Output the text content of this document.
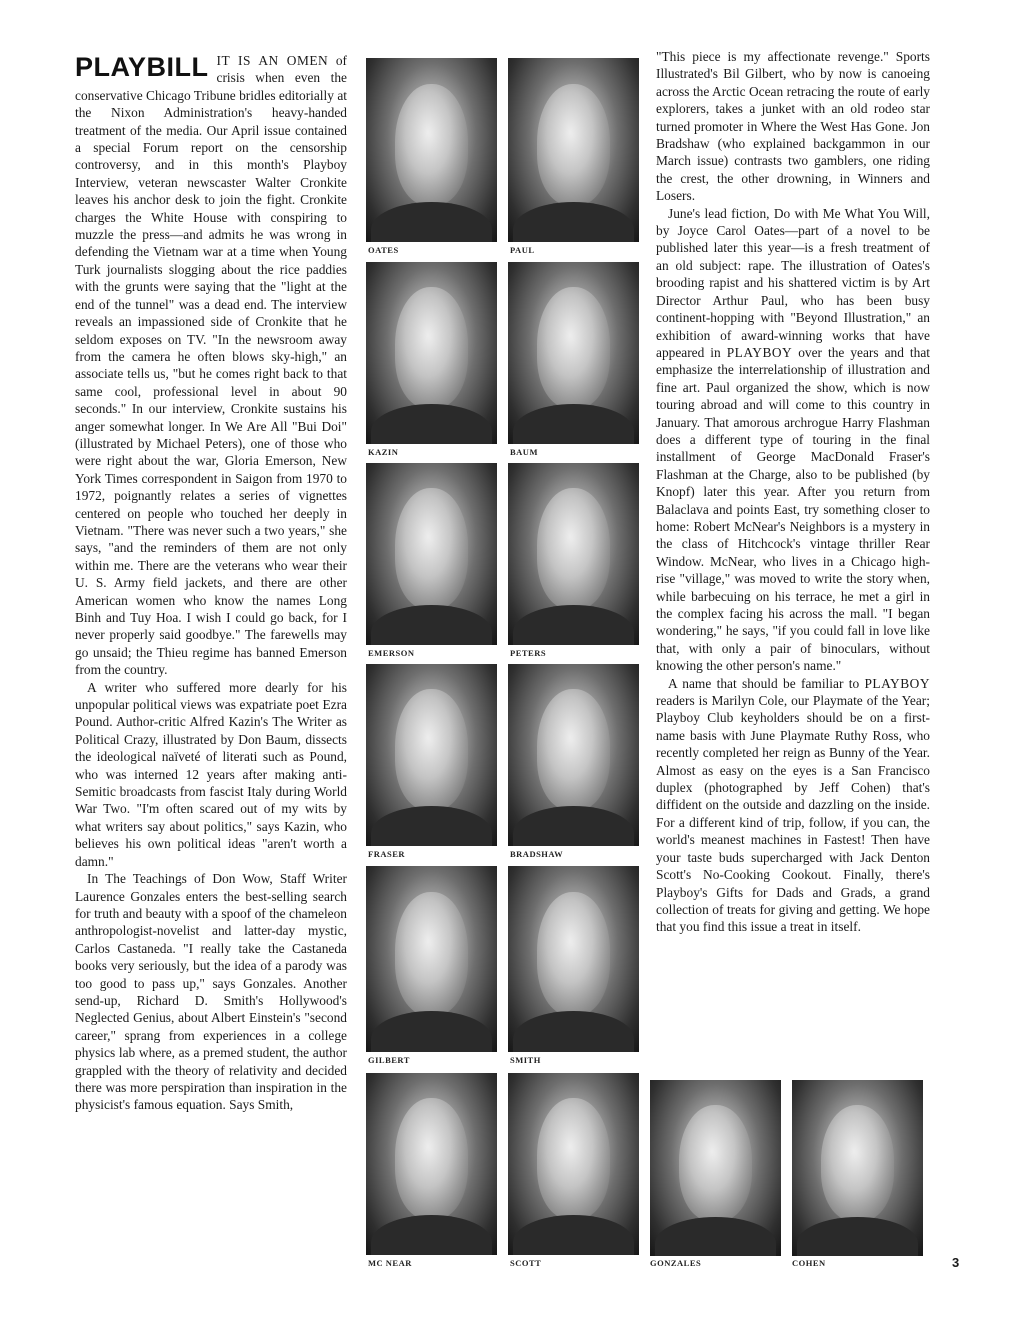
PLAYBILL IT IS AN OMEN of crisis when even the conservative Chicago Tribune bridles editorially at the Nixon Administration's heavy-handed treatment of the media. Our April issue contained a special Forum report on the censorship controversy, and in this month's Playboy Interview, veteran newscaster Walter Cronkite leaves his anchor desk to join the fight. Cronkite charges the White House with conspiring to muzzle the press—and admits he was wrong in defending the Vietnam war at a time when Young Turk journalists slogging about the rice paddies with the grunts were saying that the "light at the end of the tunnel" was a dead end. The interview reveals an impassioned side of Cronkite that he seldom exposes on TV. "In the newsroom away from the camera he often blows sky-high," an associate tells us, "but he comes right back to that same cool, professional level in about 90 seconds." In our interview, Cronkite sustains his anger somewhat longer. In We Are All "Bui Doi" (illustrated by Michael Peters), one of those who were right about the war, Gloria Emerson, New York Times correspondent in Saigon from 1970 to 1972, poignantly relates a series of vignettes centered on people who touched her deeply in Vietnam. "There was never such a two years," she says, "and the reminders of them are not only within me. There are the veterans who wear their U. S. Army field jackets, and there are other American women who know the names Long Binh and Tuy Hoa. I wish I could go back, for I never properly said goodbye." The farewells may go unsaid; the Thieu regime has banned Emerson from the country.

A writer who suffered more dearly for his unpopular political views was expatriate poet Ezra Pound. Author-critic Alfred Kazin's The Writer as Political Crazy, illustrated by Don Baum, dissects the ideological naïveté of literati such as Pound, who was interned 12 years after making anti-Semitic broadcasts from fascist Italy during World War Two. "I'm often scared out of my wits by what writers say about politics," says Kazin, who believes his own political ideas "aren't worth a damn."

In The Teachings of Don Wow, Staff Writer Laurence Gonzales enters the best-selling search for truth and beauty with a spoof of the chameleon anthropologist-novelist and latter-day mystic, Carlos Castaneda. "I really take the Castaneda books very seriously, but the idea of a parody was too good to pass up," says Gonzales. Another send-up, Richard D. Smith's Hollywood's Neglected Genius, about Albert Einstein's "second career," sprang from experiences in a college physics lab where, as a premed student, the author grappled with the theory of relativity and decided there was more perspiration than inspiration in the physicist's famous equation. Says Smith,

"This piece is my affectionate revenge." Sports Illustrated's Bil Gilbert, who by now is canoeing across the Arctic Ocean retracing the route of early explorers, takes a junket with an old rodeo star turned promoter in Where the West Has Gone. Jon Bradshaw (who explained backgammon in our March issue) contrasts two gamblers, one riding the crest, the other drowning, in Winners and Losers.

June's lead fiction, Do with Me What You Will, by Joyce Carol Oates—part of a novel to be published later this year—is a fresh treatment of an old subject: rape. The illustration of Oates's brooding rapist and his shattered victim is by Art Director Arthur Paul, who has been busy continent-hopping with "Beyond Illustration," an exhibition of award-winning works that have appeared in PLAYBOY over the years and that emphasize the interrelationship of illustration and fine art. Paul organized the show, which is now touring abroad and will come to this country in January. That amorous archrogue Harry Flashman does a different type of touring in the final installment of George MacDonald Fraser's Flashman at the Charge, also to be published (by Knopf) later this year. After you return from Balaclava and points East, try something closer to home: Robert McNear's Neighbors is a mystery in the class of Hitchcock's vintage thriller Rear Window. McNear, who lives in a Chicago high-rise "village," was moved to write the story when, while barbecuing on his terrace, he met a girl in the complex facing his across the mall. "I began wondering," he says, "if you could fall in love like that, with only a pair of binoculars, without knowing the other person's name."

A name that should be familiar to PLAYBOY readers is Marilyn Cole, our Playmate of the Year; Playboy Club keyholders should be on a first-name basis with June Playmate Ruthy Ross, who recently completed her reign as Bunny of the Year. Almost as easy on the eyes is a San Francisco duplex (photographed by Jeff Cohen) that's diffident on the outside and dazzling on the inside. For a different kind of trip, follow, if you can, the world's meanest machines in Fastest! Then have your taste buds supercharged with Jack Denton Scott's No-Cooking Cookout. Finally, there's Playboy's Gifts for Dads and Grads, a grand collection of treats for giving and getting. We hope that you find this issue a treat in itself.

OATES	PAUL
KAZIN	BAUM
EMERSON	PETERS
FRASER	BRADSHAW
GILBERT	SMITH
MC NEAR	SCOTT	GONZALES	COHEN	3
